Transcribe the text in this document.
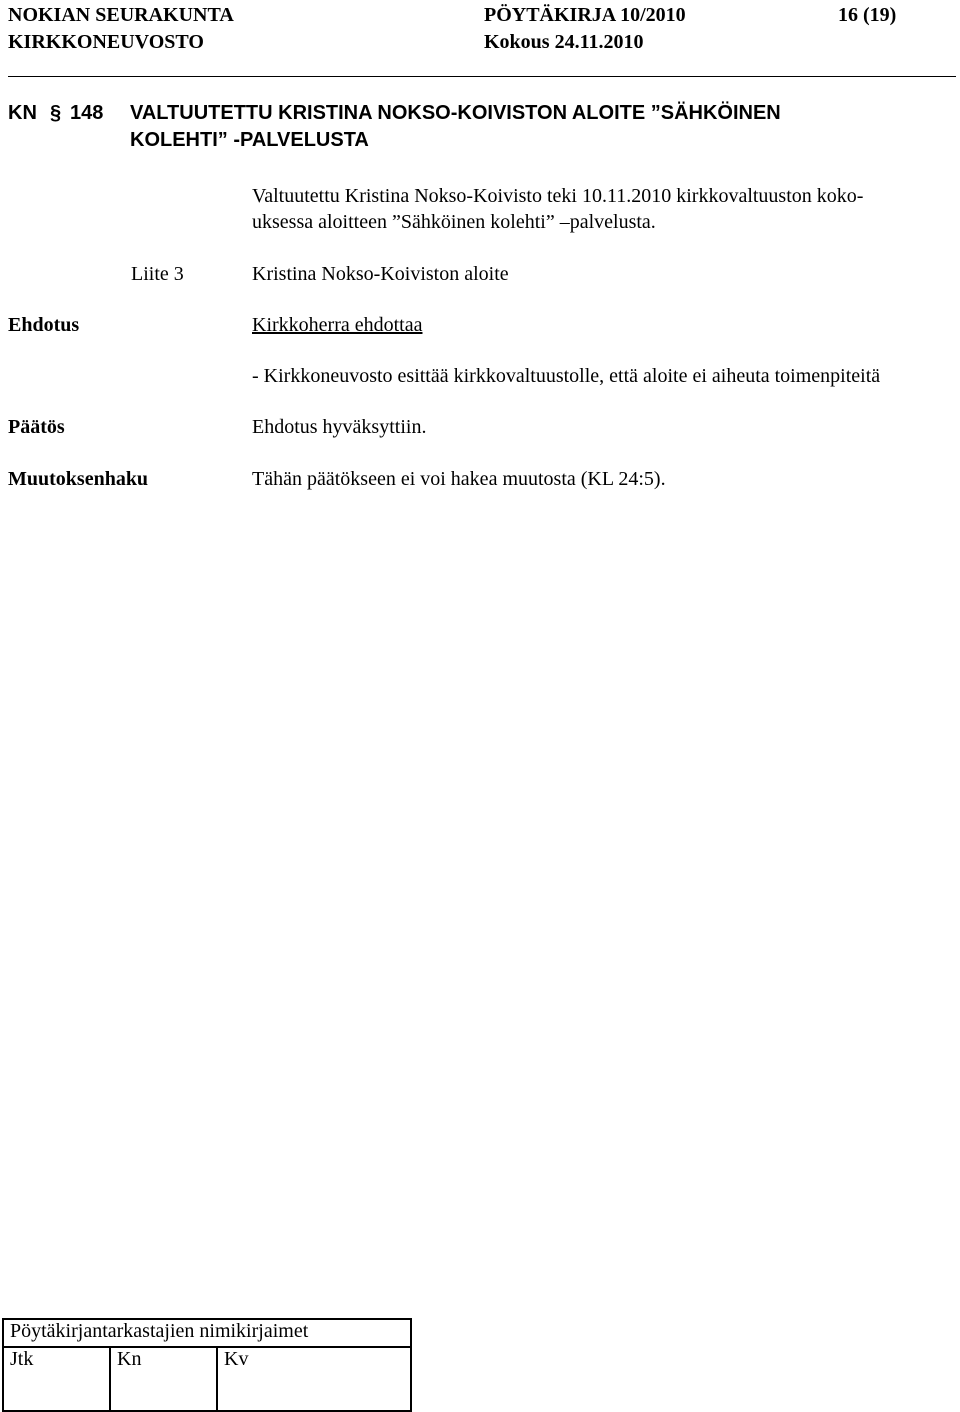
NOKIAN SEURAKUNTA
KIRKKONEUVOSTO
PÖYTÄKIRJA 10/2010
Kokous 24.11.2010
16 (19)
KN § 148 VALTUUTETTU KRISTINA NOKSO-KOIVISTON ALOITE ”SÄHKÖINEN
KOLEHTI” -PALVELUSTA
Valtuutettu Kristina Nokso-Koivisto teki 10.11.2010 kirkkovaltuuston koko-
uksessa aloitteen ”Sähköinen kolehti” –palvelusta.
Liite 3	Kristina Nokso-Koiviston aloite
Ehdotus	Kirkkoherra ehdottaa
- Kirkkoneuvosto esittää kirkkovaltuustolle, että aloite ei aiheuta toimenpiteitä
Päätös	Ehdotus hyväksyttiin.
Muutoksenhaku	Tähän päätökseen ei voi hakea muutosta (KL 24:5).
Pöytäkirjantarkastajien nimikirjaimet
Jtk	Kn	Kv
